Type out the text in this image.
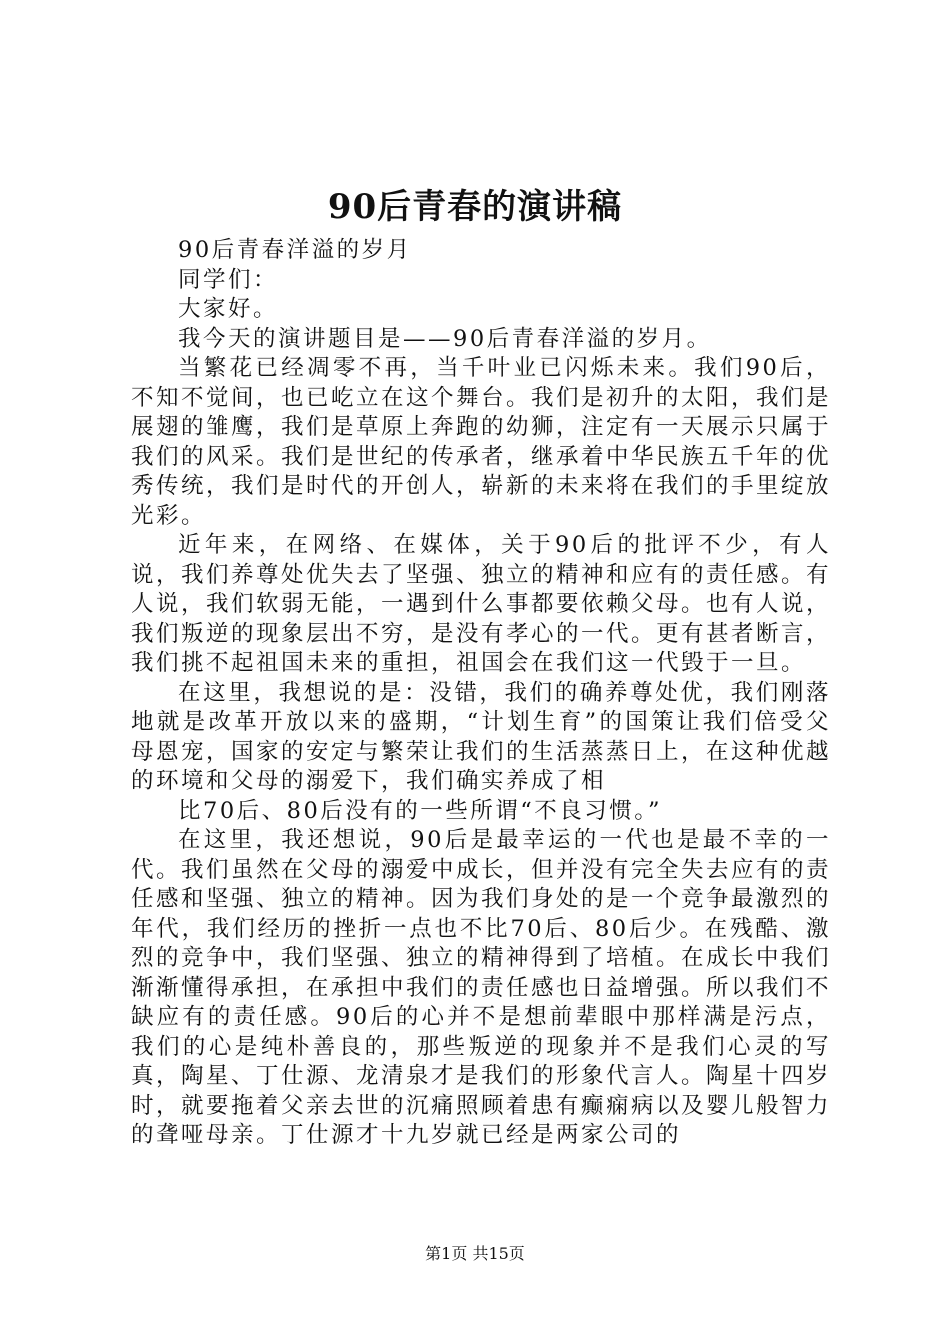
90后青春的演讲稿

90后青春洋溢的岁月

同学们：

大家好。

我今天的演讲题目是——90后青春洋溢的岁月。

当繁花已经凋零不再，当千叶业已闪烁未来。我们90后，不知不觉间，也已屹立在这个舞台。我们是初升的太阳，我们是展翅的雏鹰，我们是草原上奔跑的幼狮，注定有一天展示只属于我们的风采。我们是世纪的传承者，继承着中华民族五千年的优秀传统，我们是时代的开创人，崭新的未来将在我们的手里绽放光彩。

近年来，在网络、在媒体，关于90后的批评不少，有人说，我们养尊处优失去了坚强、独立的精神和应有的责任感。有人说，我们软弱无能，一遇到什么事都要依赖父母。也有人说，我们叛逆的现象层出不穷，是没有孝心的一代。更有甚者断言，我们挑不起祖国未来的重担，祖国会在我们这一代毁于一旦。

在这里，我想说的是：没错，我们的确养尊处优，我们刚落地就是改革开放以来的盛期，“计划生育”的国策让我们倍受父母恩宠，国家的安定与繁荣让我们的生活蒸蒸日上，在这种优越的环境和父母的溺爱下，我们确实养成了相

比70后、80后没有的一些所谓“不良习惯。”

在这里，我还想说，90后是最幸运的一代也是最不幸的一代。我们虽然在父母的溺爱中成长，但并没有完全失去应有的责任感和坚强、独立的精神。因为我们身处的是一个竞争最激烈的年代，我们经历的挫折一点也不比70后、80后少。在残酷、激烈的竞争中，我们坚强、独立的精神得到了培植。在成长中我们渐渐懂得承担，在承担中我们的责任感也日益增强。所以我们不缺应有的责任感。90后的心并不是想前辈眼中那样满是污点，我们的心是纯朴善良的，那些叛逆的现象并不是我们心灵的写真，陶星、丁仕源、龙清泉才是我们的形象代言人。陶星十四岁时，就要拖着父亲去世的沉痛照顾着患有癫痫病以及婴儿般智力的聋哑母亲。丁仕源才十九岁就已经是两家公司的

第1页 共15页
